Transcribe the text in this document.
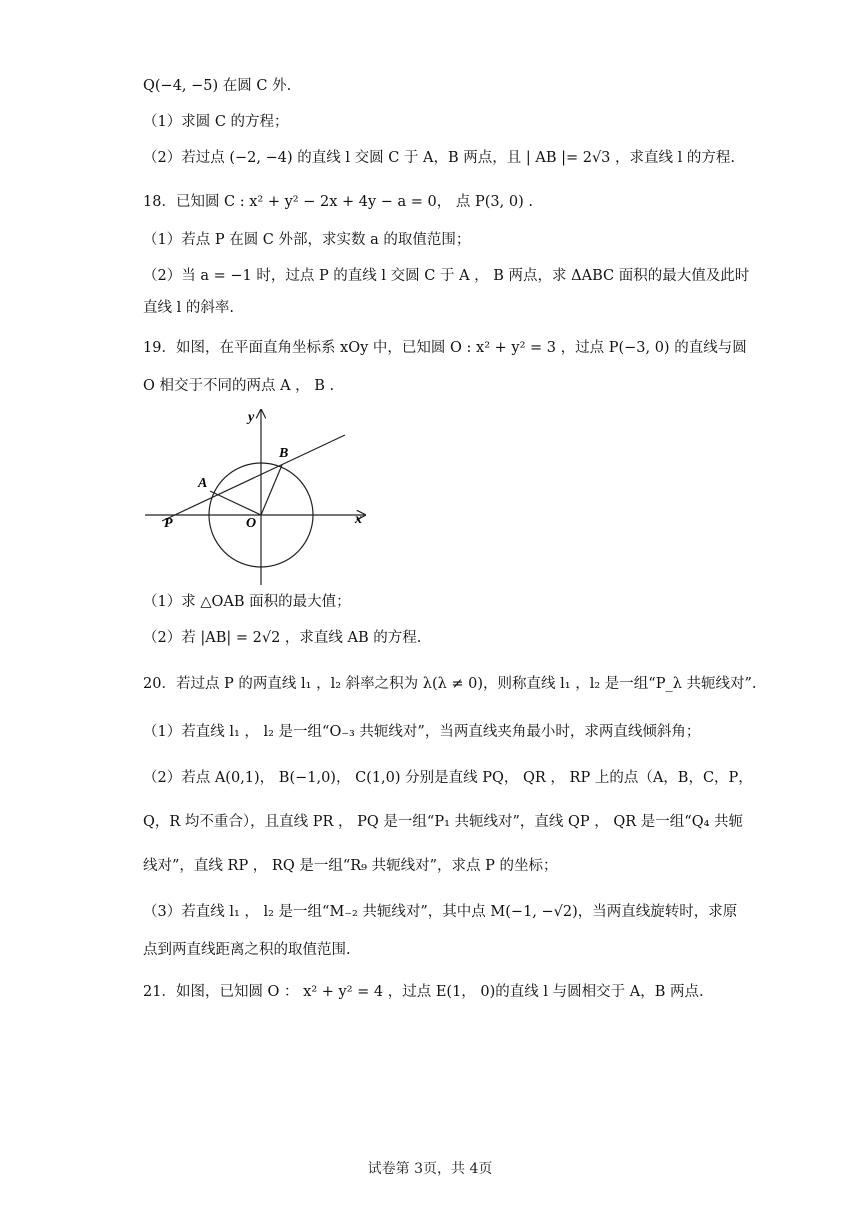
Q(−4, −5) 在圆 C 外.
（1）求圆 C 的方程；
（2）若过点 (−2, −4) 的直线 l 交圆 C 于 A，B 两点，且 | AB |= 2√3 ，求直线 l 的方程.
18．已知圆 C : x² + y² − 2x + 4y − a = 0， 点 P(3, 0) .
（1）若点 P 在圆 C 外部，求实数 a 的取值范围；
（2）当 a = −1 时，过点 P 的直线 l 交圆 C 于 A ， B 两点，求 ΔABC 面积的最大值及此时
直线 l 的斜率.
19．如图，在平面直角坐标系 xOy 中，已知圆 O : x² + y² = 3 ，过点 P(−3, 0) 的直线与圆
O 相交于不同的两点 A ， B .
y
x
O
P
A
B
（1）求 △OAB 面积的最大值；
（2）若 |AB| = 2√2 ，求直线 AB 的方程.
20．若过点 P 的两直线 l₁ ，l₂ 斜率之积为 λ(λ ≠ 0)，则称直线 l₁ ，l₂ 是一组“P_λ 共轭线对”.
（1）若直线 l₁ ， l₂ 是一组“O₋₃ 共轭线对”，当两直线夹角最小时，求两直线倾斜角；
（2）若点 A(0,1)， B(−1,0)， C(1,0) 分别是直线 PQ， QR ， RP 上的点（A，B，C，P，
Q，R 均不重合），且直线 PR ， PQ 是一组“P₁ 共轭线对”，直线 QP ， QR 是一组“Q₄ 共轭
线对”，直线 RP ， RQ 是一组“R₉ 共轭线对”，求点 P 的坐标；
（3）若直线 l₁ ， l₂ 是一组“M₋₂ 共轭线对”，其中点 M(−1, −√2)，当两直线旋转时，求原
点到两直线距离之积的取值范围.
21．如图，已知圆 O ： x² + y² = 4 ，过点 E(1， 0)的直线 l 与圆相交于 A，B 两点.
试卷第 3页，共 4页
